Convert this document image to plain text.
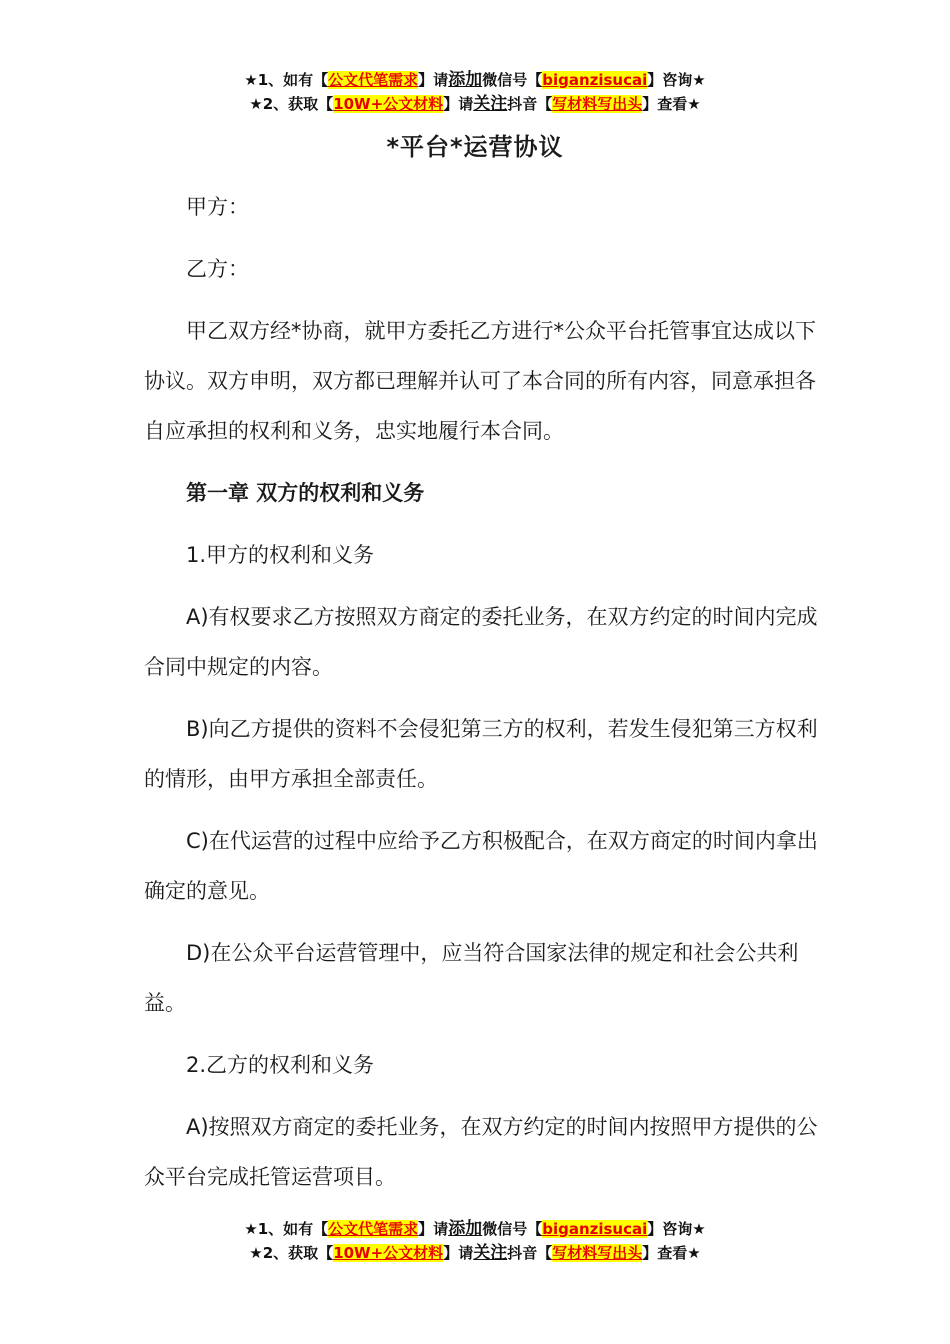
★1、如有【公文代笔需求】请添加微信号【biganzisucai】咨询★
★2、获取【10W+公文材料】请关注抖音【写材料写出头】查看★
*平台*运营协议

甲方：

乙方：

甲乙双方经*协商，就甲方委托乙方进行*公众平台托管事宜达成以下协议。双方申明，双方都已理解并认可了本合同的所有内容，同意承担各自应承担的权利和义务，忠实地履行本合同。

第一章 双方的权利和义务

1.甲方的权利和义务

A)有权要求乙方按照双方商定的委托业务，在双方约定的时间内完成合同中规定的内容。

B)向乙方提供的资料不会侵犯第三方的权利，若发生侵犯第三方权利的情形，由甲方承担全部责任。

C)在代运营的过程中应给予乙方积极配合，在双方商定的时间内拿出确定的意见。

D)在公众平台运营管理中，应当符合国家法律的规定和社会公共利益。

2.乙方的权利和义务

A)按照双方商定的委托业务，在双方约定的时间内按照甲方提供的公众平台完成托管运营项目。

★1、如有【公文代笔需求】请添加微信号【biganzisucai】咨询★
★2、获取【10W+公文材料】请关注抖音【写材料写出头】查看★
